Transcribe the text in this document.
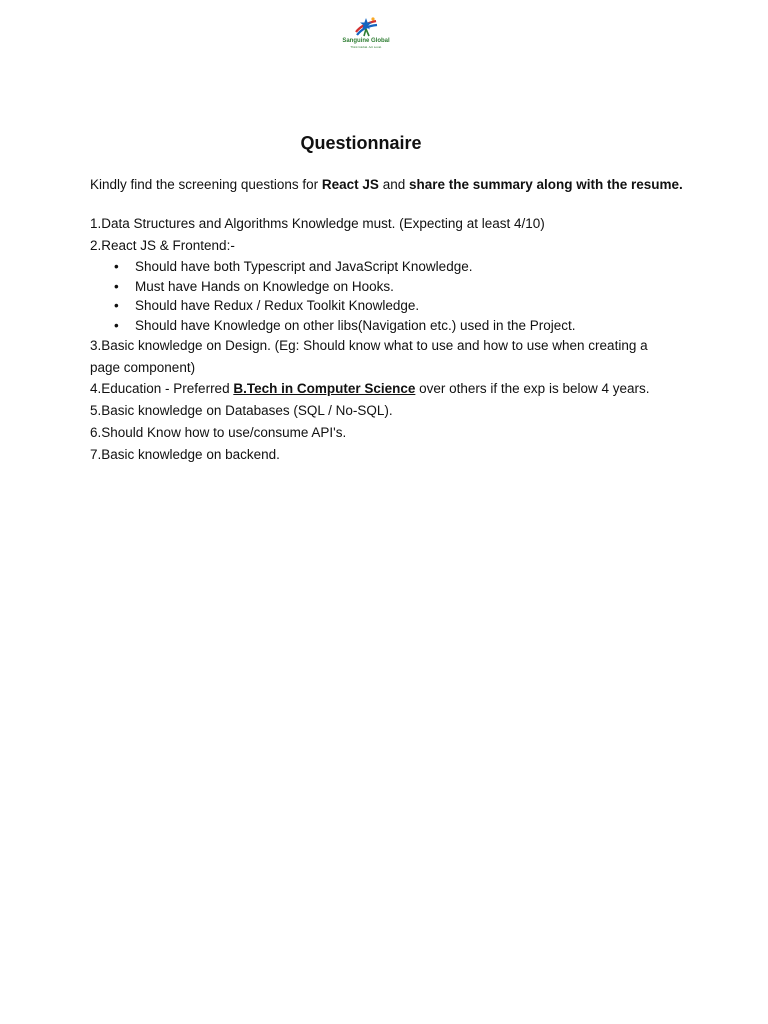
Sanguine Global
Think Global. Act Local.
Questionnaire
Kindly find the screening questions for React JS and share the summary along with the resume.
1.Data Structures and Algorithms Knowledge must. (Expecting at least 4/10)
2.React JS & Frontend:-
• Should have both Typescript and JavaScript Knowledge.
• Must have Hands on Knowledge on Hooks.
• Should have Redux / Redux Toolkit Knowledge.
• Should have Knowledge on other libs(Navigation etc.) used in the Project.
3.Basic knowledge on Design. (Eg: Should know what to use and how to use when creating a page component)
4.Education - Preferred B.Tech in Computer Science over others if the exp is below 4 years.
5.Basic knowledge on Databases (SQL / No-SQL).
6.Should Know how to use/consume API's.
7.Basic knowledge on backend.
